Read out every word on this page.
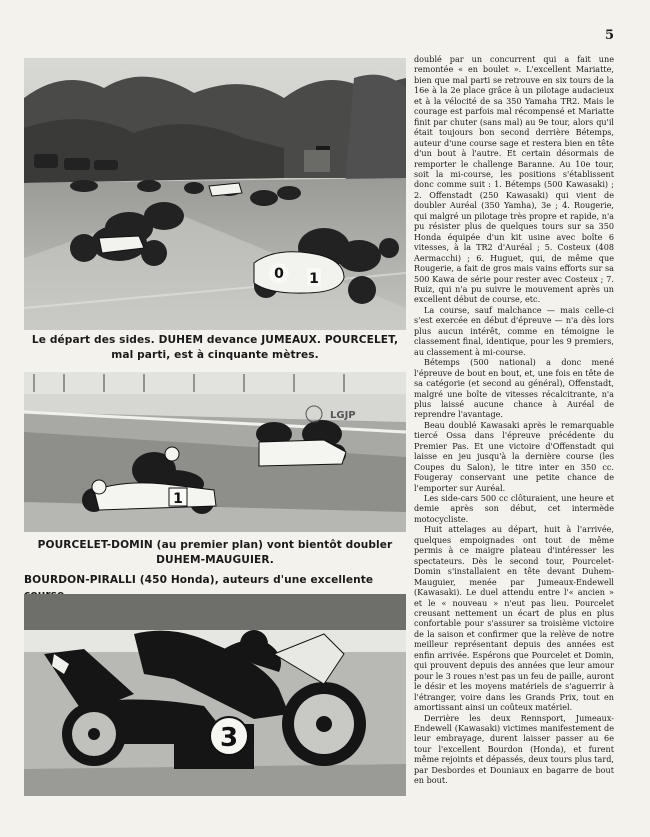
5
0 1
Le départ des sides. DUHEM devance JUMEAUX. POURCELET, mal parti, est à cinquante mètres.
1
LGJP
POURCELET-DOMIN (au premier plan) vont bientôt doubler DUHEM-MAUGUIER.
BOURDON-PIRALLI (450 Honda), auteurs d'une excellente
3

doublé par un concurrent qui a fait une remontée « en boulet ». L'excellent Mariatte, bien que mal parti se retrouve en six tours de la 16e à la 2e place grâce à un pilotage audacieux et à la vélocité de sa 350 Yamaha TR2. Mais le courage est parfois mal récompensé et Mariatte finit par chuter (sans mal) au 9e tour, alors qu'il était toujours bon second derrière Bétemps, auteur d'une course sage et restera bien en tête d'un bout à l'autre. Et certain désormais de remporter le challenge Baranne. Au 10e tour, soit la mi-course, les positions s'établissent donc comme suit : 1. Bétemps (500 Kawasaki) ; 2. Offenstadt (250 Kawasaki) qui vient de doubler Auréal (350 Yamha), 3e ; 4. Rougerie, qui malgré un pilotage très propre et rapide, n'a pu résister plus de quelques tours sur sa 350 Honda équipée d'un kit usine avec boîte 6 vitesses, à la TR2 d'Auréal ; 5. Costeux (408 Aermacchi) ; 6. Huguet, qui, de même que Rougerie, a fait de gros mais vains efforts sur sa 500 Kawa de série pour rester avec Costeux ; 7. Ruiz, qui n'a pu suivre le mouvement après un excellent début de course, etc.

La course, sauf malchance — mais celle-ci s'est exercée en début d'épreuve — n'a dès lors plus aucun intérêt, comme en témoigne le classement final, identique, pour les 9 premiers, au classement à mi-course.

Bétemps (500 national) a donc mené l'épreuve de bout en bout, et, une fois en tête de sa catégorie (et second au général), Offenstadt, malgré une boîte de vitesses récalcitrante, n'a plus laissé aucune chance à Auréal de reprendre l'avantage.

Beau doublé Kawasaki après le remarquable tiercé Ossa dans l'épreuve précédente du Premier Pas. Et une victoire d'Offenstadt qui laisse en jeu jusqu'à la dernière course (les Coupes du Salon), le titre inter en 350 cc. Fougeray conservant une petite chance de l'emporter sur Auréal.

Les side-cars 500 cc clôturaient, une heure et demie après son début, cet intermède motocycliste.

Huit attelages au départ, huit à l'arrivée, quelques empoignades ont tout de même permis à ce maigre plateau d'intéresser les spectateurs. Dès le second tour, Pourcelet-Domin s'installaient en tête devant Duhem-Mauguier, menée par Jumeaux-Endewell (Kawasaki). Le duel attendu entre l'« ancien » et le « nouveau » n'eut pas lieu. Pourcelet creusant nettement un écart de plus en plus confortable pour s'assurer sa troisième victoire de la saison et confirmer que la relève de notre meilleur représentant depuis des années est enfin arrivée. Espérons que Pourcelet et Domin, qui prouvent depuis des années que leur amour pour le 3 roues n'est pas un feu de paille, auront le désir et les moyens matériels de s'aguerrir à l'étranger, voire dans les Grands Prix, tout en amortissant ainsi un coûteux matériel.

Derrière les deux Rennsport, Jumeaux-Endewell (Kawasaki) victimes manifestement de leur embrayage, durent laisser passer au 6e tour l'excellent Bourdon (Honda), et furent même rejoints et dépassés, deux tours plus tard, par Desbordes et Douniaux en bagarre de bout en bout.
